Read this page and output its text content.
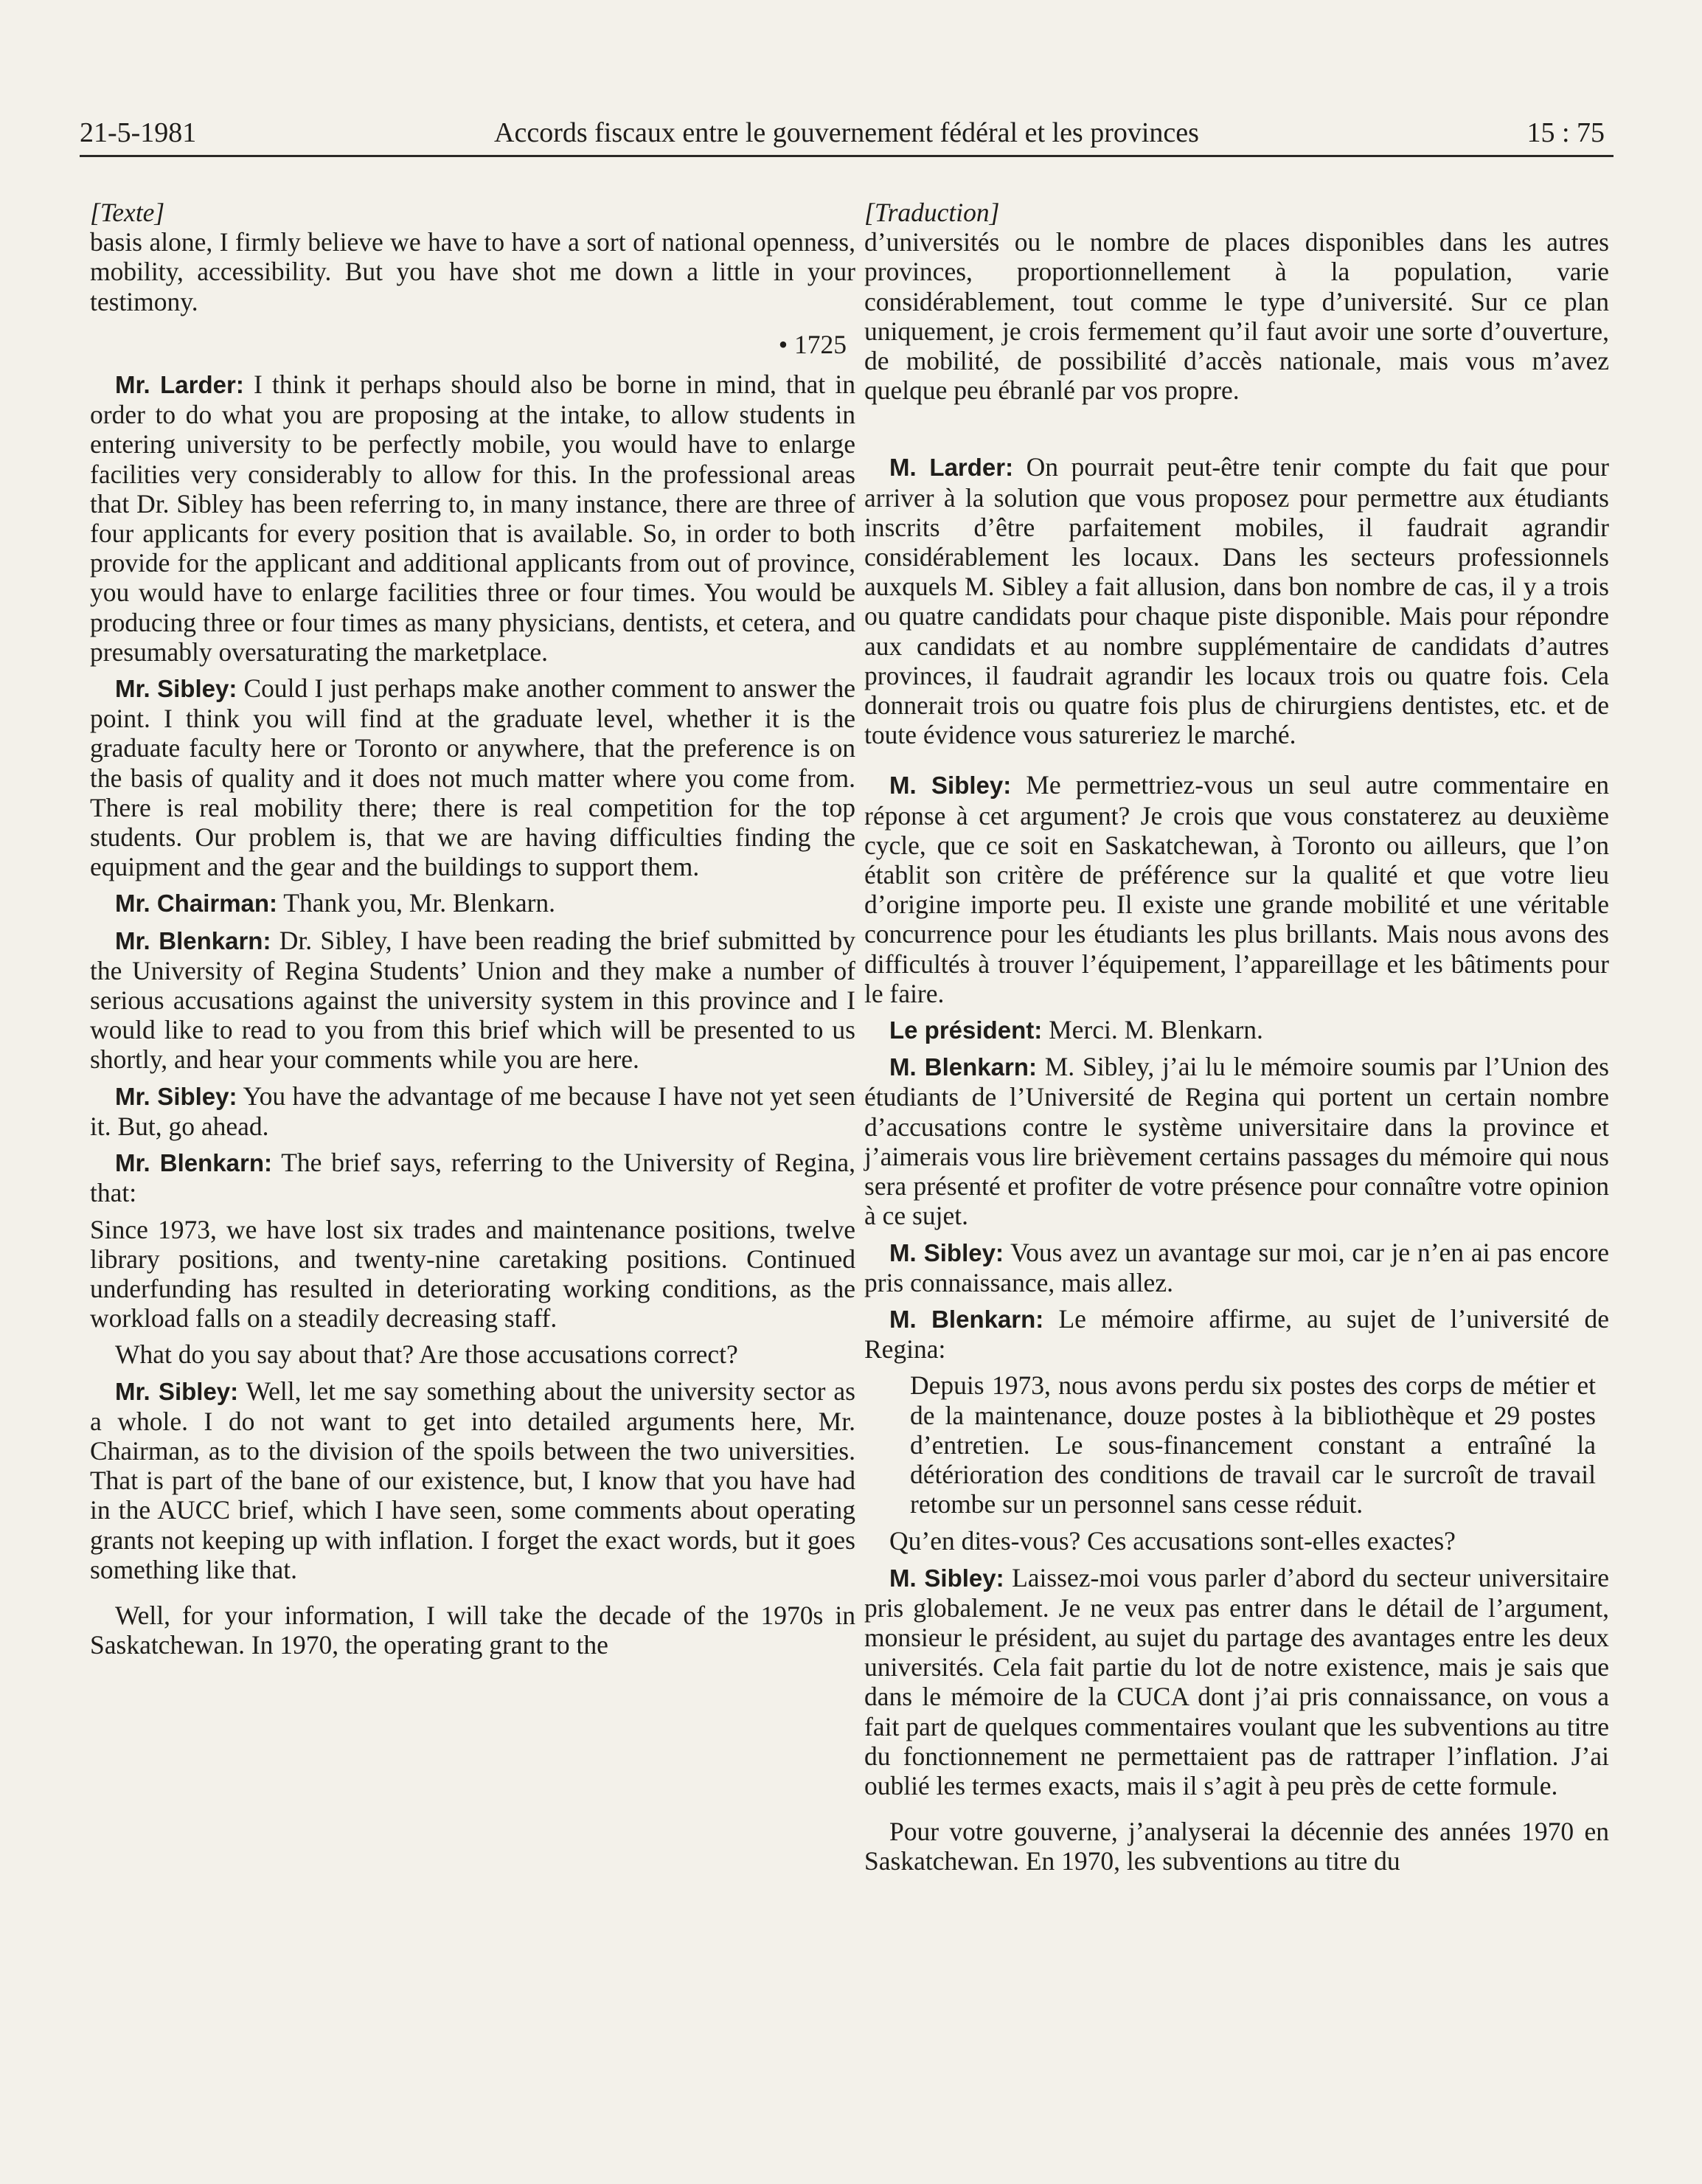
21-5-1981	Accords fiscaux entre le gouvernement fédéral et les provinces	15 : 75
[Texte]

basis alone, I firmly believe we have to have a sort of national openness, mobility, accessibility. But you have shot me down a little in your testimony.

• 1725

Mr. Larder: I think it perhaps should also be borne in mind, that in order to do what you are proposing at the intake, to allow students in entering university to be perfectly mobile, you would have to enlarge facilities very considerably to allow for this. In the professional areas that Dr. Sibley has been referring to, in many instance, there are three of four applicants for every position that is available. So, in order to both provide for the applicant and additional applicants from out of province, you would have to enlarge facilities three or four times. You would be producing three or four times as many physicians, dentists, et cetera, and presumably oversaturating the marketplace.

Mr. Sibley: Could I just perhaps make another comment to answer the point. I think you will find at the graduate level, whether it is the graduate faculty here or Toronto or anywhere, that the preference is on the basis of quality and it does not much matter where you come from. There is real mobility there; there is real competition for the top students. Our problem is, that we are having difficulties finding the equipment and the gear and the buildings to support them.

Mr. Chairman: Thank you, Mr. Blenkarn.

Mr. Blenkarn: Dr. Sibley, I have been reading the brief submitted by the University of Regina Students’ Union and they make a number of serious accusations against the university system in this province and I would like to read to you from this brief which will be presented to us shortly, and hear your comments while you are here.

Mr. Sibley: You have the advantage of me because I have not yet seen it. But, go ahead.

Mr. Blenkarn: The brief says, referring to the University of Regina, that:

Since 1973, we have lost six trades and maintenance positions, twelve library positions, and twenty-nine caretaking positions. Continued underfunding has resulted in deteriorating working conditions, as the workload falls on a steadily decreasing staff.

What do you say about that? Are those accusations correct?

Mr. Sibley: Well, let me say something about the university sector as a whole. I do not want to get into detailed arguments here, Mr. Chairman, as to the division of the spoils between the two universities. That is part of the bane of our existence, but, I know that you have had in the AUCC brief, which I have seen, some comments about operating grants not keeping up with inflation. I forget the exact words, but it goes something like that.

Well, for your information, I will take the decade of the 1970s in Saskatchewan. In 1970, the operating grant to the

[Traduction]

d’universités ou le nombre de places disponibles dans les autres provinces, proportionnellement à la population, varie considérablement, tout comme le type d’université. Sur ce plan uniquement, je crois fermement qu’il faut avoir une sorte d’ouverture, de mobilité, de possibilité d’accès nationale, mais vous m’avez quelque peu ébranlé par vos propre.

M. Larder: On pourrait peut-être tenir compte du fait que pour arriver à la solution que vous proposez pour permettre aux étudiants inscrits d’être parfaitement mobiles, il faudrait agrandir considérablement les locaux. Dans les secteurs professionnels auxquels M. Sibley a fait allusion, dans bon nombre de cas, il y a trois ou quatre candidats pour chaque piste disponible. Mais pour répondre aux candidats et au nombre supplémentaire de candidats d’autres provinces, il faudrait agrandir les locaux trois ou quatre fois. Cela donnerait trois ou quatre fois plus de chirurgiens dentistes, etc. et de toute évidence vous satureriez le marché.

M. Sibley: Me permettriez-vous un seul autre commentaire en réponse à cet argument? Je crois que vous constaterez au deuxième cycle, que ce soit en Saskatchewan, à Toronto ou ailleurs, que l’on établit son critère de préférence sur la qualité et que votre lieu d’origine importe peu. Il existe une grande mobilité et une véritable concurrence pour les étudiants les plus brillants. Mais nous avons des difficultés à trouver l’équipement, l’appareillage et les bâtiments pour le faire.

Le président: Merci. M. Blenkarn.

M. Blenkarn: M. Sibley, j’ai lu le mémoire soumis par l’Union des étudiants de l’Université de Regina qui portent un certain nombre d’accusations contre le système universitaire dans la province et j’aimerais vous lire brièvement certains passages du mémoire qui nous sera présenté et profiter de votre présence pour connaître votre opinion à ce sujet.

M. Sibley: Vous avez un avantage sur moi, car je n’en ai pas encore pris connaissance, mais allez.

M. Blenkarn: Le mémoire affirme, au sujet de l’université de Regina:

Depuis 1973, nous avons perdu six postes des corps de métier et de la maintenance, douze postes à la bibliothèque et 29 postes d’entretien. Le sous-financement constant a entraîné la détérioration des conditions de travail car le surcroît de travail retombe sur un personnel sans cesse réduit.

Qu’en dites-vous? Ces accusations sont-elles exactes?

M. Sibley: Laissez-moi vous parler d’abord du secteur universitaire pris globalement. Je ne veux pas entrer dans le détail de l’argument, monsieur le président, au sujet du partage des avantages entre les deux universités. Cela fait partie du lot de notre existence, mais je sais que dans le mémoire de la CUCA dont j’ai pris connaissance, on vous a fait part de quelques commentaires voulant que les subventions au titre du fonctionnement ne permettaient pas de rattraper l’inflation. J’ai oublié les termes exacts, mais il s’agit à peu près de cette formule.

Pour votre gouverne, j’analyserai la décennie des années 1970 en Saskatchewan. En 1970, les subventions au titre du
